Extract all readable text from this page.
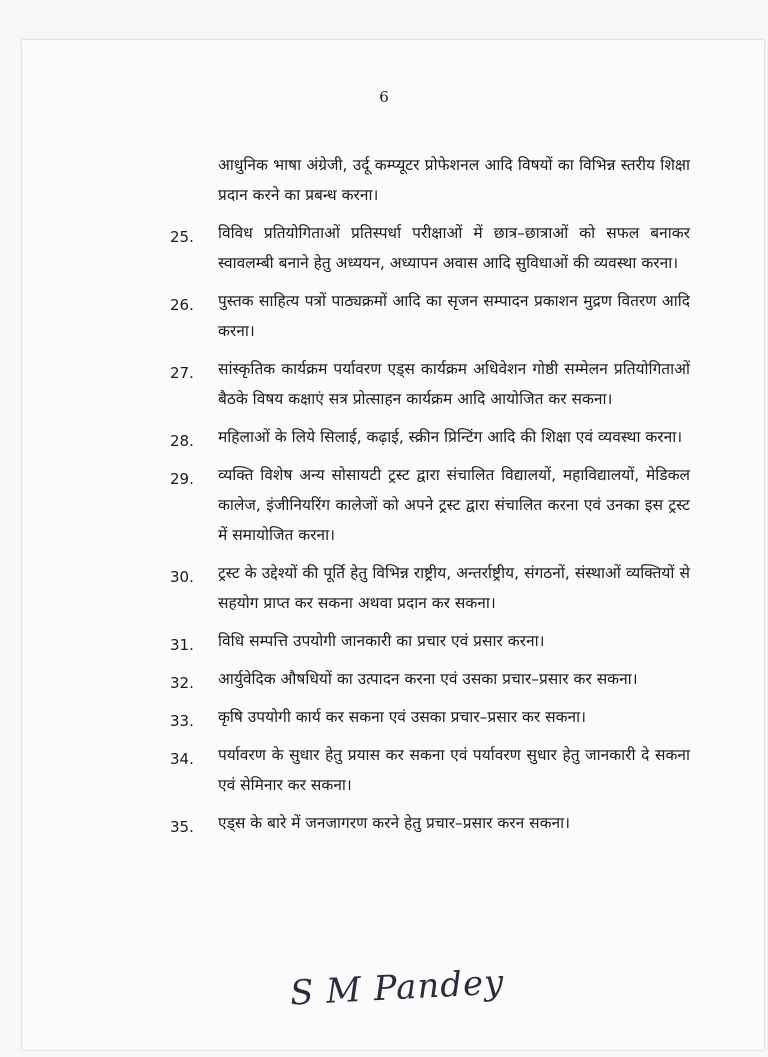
6
आधुनिक भाषा अंग्रेजी, उर्दू कम्प्यूटर प्रोफेशनल आदि विषयों का विभिन्न स्तरीय शिक्षा प्रदान करने का प्रबन्ध करना।
25. विविध प्रतियोगिताओं प्रतिस्पर्धा परीक्षाओं में छात्र–छात्राओं को सफल बनाकर स्वावलम्बी बनाने हेतु अध्ययन, अध्यापन अवास आदि सुविधाओं की व्यवस्था करना।
26. पुस्तक साहित्य पत्रों पाठ्यक्रमों आदि का सृजन सम्पादन प्रकाशन मुद्रण वितरण आदि करना।
27. सांस्कृतिक कार्यक्रम पर्यावरण एड्स कार्यक्रम अधिवेशन गोष्ठी सम्मेलन प्रतियोगिताओं बैठके विषय कक्षाएं सत्र प्रोत्साहन कार्यक्रम आदि आयोजित कर सकना।
28. महिलाओं के लिये सिलाई, कढ़ाई, स्क्रीन प्रिन्टिंग आदि की शिक्षा एवं व्यवस्था करना।
29. व्यक्ति विशेष अन्य सोसायटी ट्रस्ट द्वारा संचालित विद्यालयों, महाविद्यालयों, मेडिकल कालेज, इंजीनियरिंग कालेजों को अपने ट्रस्ट द्वारा संचालित करना एवं उनका इस ट्रस्ट में समायोजित करना।
30. ट्रस्ट के उद्देश्यों की पूर्ति हेतु विभिन्न राष्ट्रीय, अन्तर्राष्ट्रीय, संगठनों, संस्थाओं व्यक्तियों से सहयोग प्राप्त कर सकना अथवा प्रदान कर सकना।
31. विधि सम्पत्ति उपयोगी जानकारी का प्रचार एवं प्रसार करना।
32. आर्युवेदिक औषधियों का उत्पादन करना एवं उसका प्रचार–प्रसार कर सकना।
33. कृषि उपयोगी कार्य कर सकना एवं उसका प्रचार–प्रसार कर सकना।
34. पर्यावरण के सुधार हेतु प्रयास कर सकना एवं पर्यावरण सुधार हेतु जानकारी दे सकना एवं सेमिनार कर सकना।
35. एड्स के बारे में जनजागरण करने हेतु प्रचार–प्रसार करन सकना।
S M Pandey
